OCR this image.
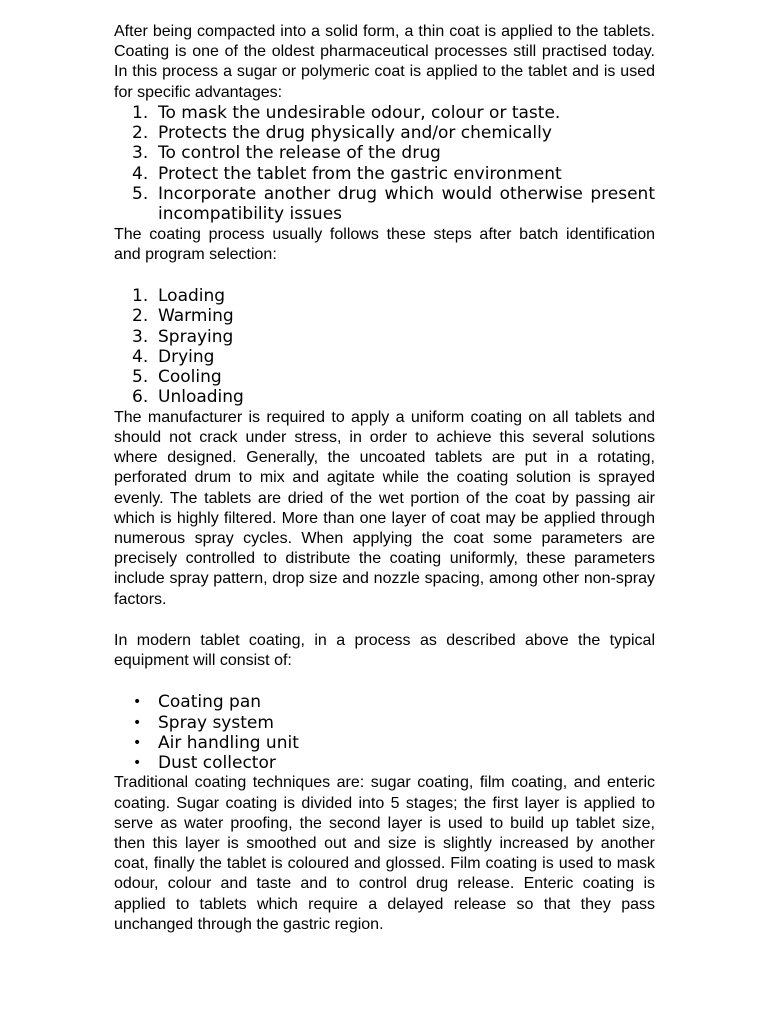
After being compacted into a solid form, a thin coat is applied to the tablets. Coating is one of the oldest pharmaceutical processes still practised today. In this process a sugar or polymeric coat is applied to the tablet and is used for specific advantages:

1. To mask the undesirable odour, colour or taste.
2. Protects the drug physically and/or chemically
3. To control the release of the drug
4. Protect the tablet from the gastric environment
5. Incorporate another drug which would otherwise present incompatibility issues

The coating process usually follows these steps after batch identification and program selection:

1. Loading
2. Warming
3. Spraying
4. Drying
5. Cooling
6. Unloading

The manufacturer is required to apply a uniform coating on all tablets and should not crack under stress, in order to achieve this several solutions where designed. Generally, the uncoated tablets are put in a rotating, perforated drum to mix and agitate while the coating solution is sprayed evenly. The tablets are dried of the wet portion of the coat by passing air which is highly filtered. More than one layer of coat may be applied through numerous spray cycles. When applying the coat some parameters are precisely controlled to distribute the coating uniformly, these parameters include spray pattern, drop size and nozzle spacing, among other non-spray factors.

In modern tablet coating, in a process as described above the typical equipment will consist of:

• Coating pan
• Spray system
• Air handling unit
• Dust collector

Traditional coating techniques are: sugar coating, film coating, and enteric coating. Sugar coating is divided into 5 stages; the first layer is applied to serve as water proofing, the second layer is used to build up tablet size, then this layer is smoothed out and size is slightly increased by another coat, finally the tablet is coloured and glossed. Film coating is used to mask odour, colour and taste and to control drug release. Enteric coating is applied to tablets which require a delayed release so that they pass unchanged through the gastric region.
